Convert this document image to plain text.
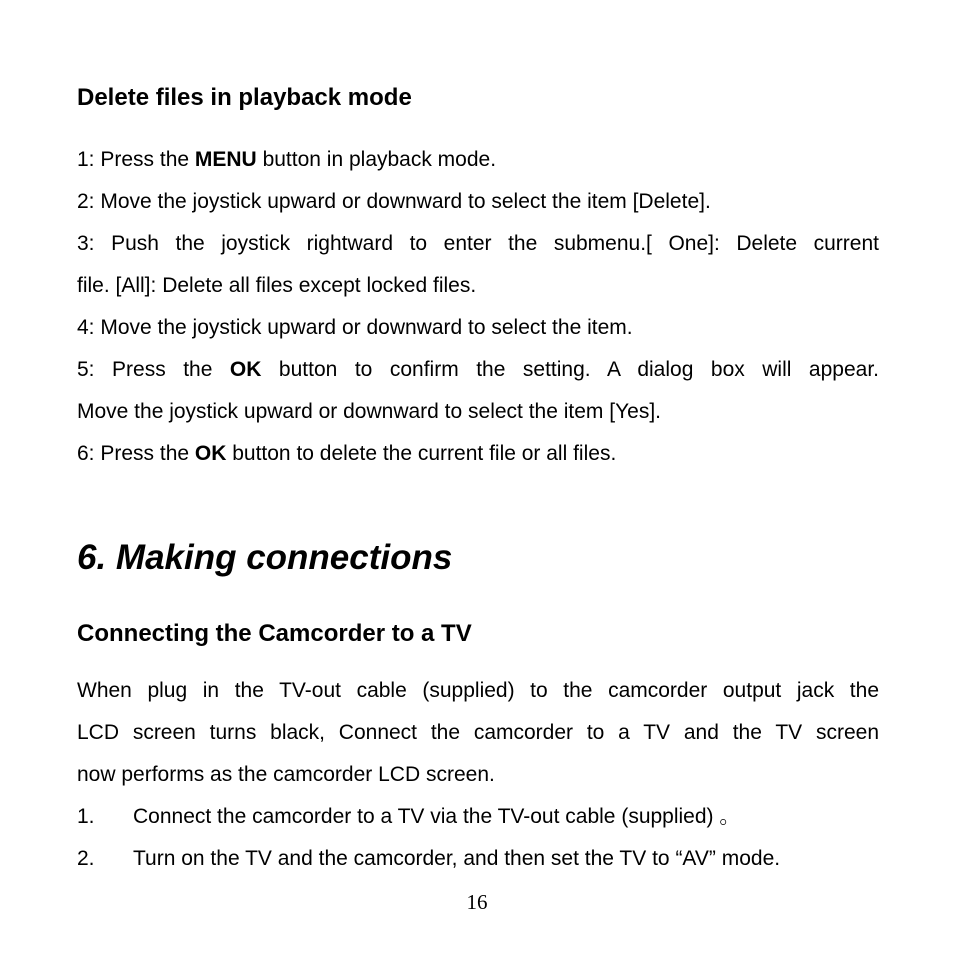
Delete files in playback mode
1: Press the MENU button in playback mode.
2: Move the joystick upward or downward to select the item [Delete].
3: Push the joystick rightward to enter the submenu.[ One]: Delete current
file. [All]: Delete all files except locked files.
4: Move the joystick upward or downward to select the item.
5: Press the OK button to confirm the setting. A dialog box will appear.
Move the joystick upward or downward to select the item [Yes].
6: Press the OK button to delete the current file or all files.
6. Making connections
Connecting the Camcorder to a TV
When plug in the TV-out cable (supplied) to the camcorder output jack the
LCD screen turns black, Connect the camcorder to a TV and the TV screen
now performs as the camcorder LCD screen.
1. Connect the camcorder to a TV via the TV-out cable (supplied) 。
2. Turn on the TV and the camcorder, and then set the TV to “AV” mode.
16
